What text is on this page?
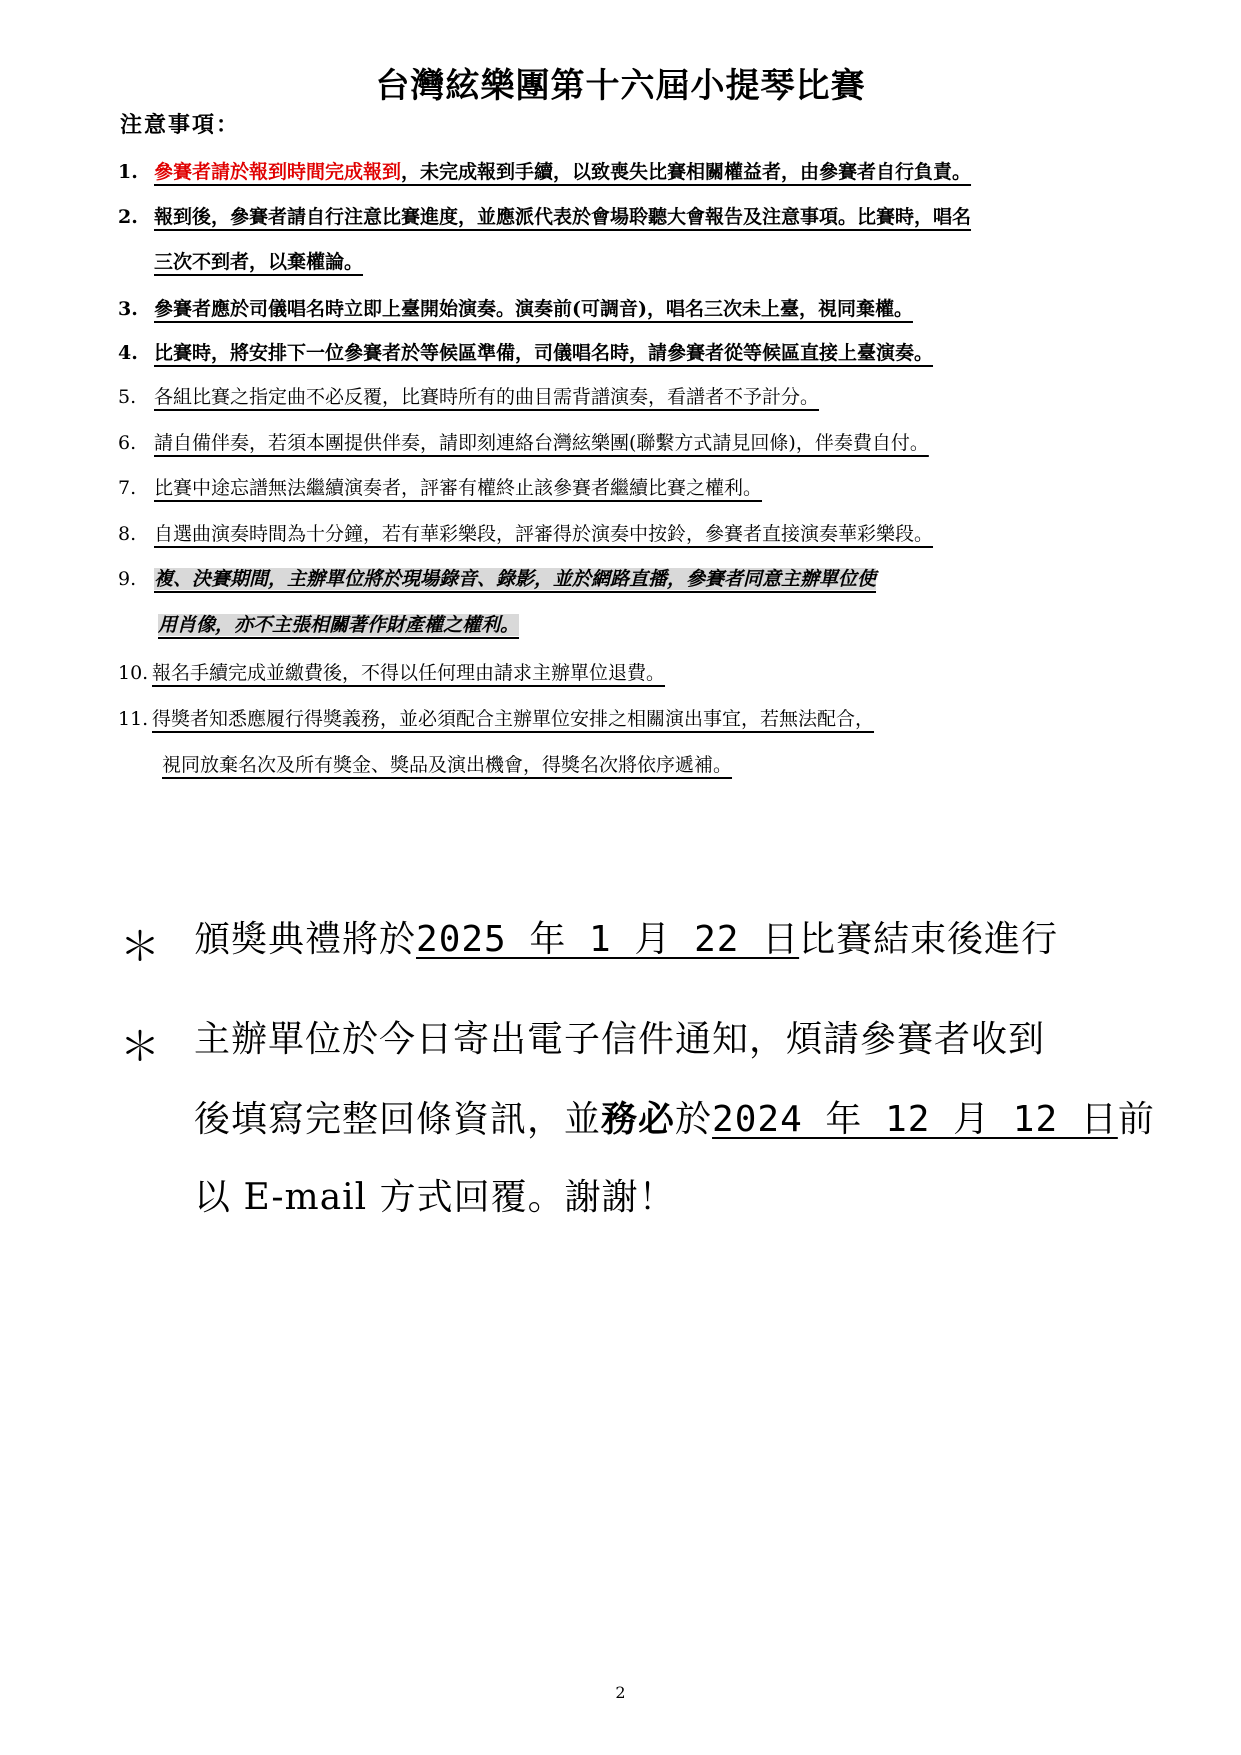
台灣絃樂團第十六屆小提琴比賽
注意事項：
1. 參賽者請於報到時間完成報到，未完成報到手續，以致喪失比賽相關權益者，由參賽者自行負責。
2. 報到後，參賽者請自行注意比賽進度，並應派代表於會場聆聽大會報告及注意事項。比賽時，唱名
三次不到者，以棄權論。
3. 參賽者應於司儀唱名時立即上臺開始演奏。演奏前(可調音)，唱名三次未上臺，視同棄權。
4. 比賽時，將安排下一位參賽者於等候區準備，司儀唱名時，請參賽者從等候區直接上臺演奏。
5. 各組比賽之指定曲不必反覆，比賽時所有的曲目需背譜演奏，看譜者不予計分。
6. 請自備伴奏，若須本團提供伴奏，請即刻連絡台灣絃樂團(聯繫方式請見回條)，伴奏費自付。
7. 比賽中途忘譜無法繼續演奏者，評審有權終止該參賽者繼續比賽之權利。
8. 自選曲演奏時間為十分鐘，若有華彩樂段，評審得於演奏中按鈴，參賽者直接演奏華彩樂段。
9. 複、決賽期間，主辦單位將於現場錄音、錄影，並於網路直播，參賽者同意主辦單位使
用肖像，亦不主張相關著作財產權之權利。
10. 報名手續完成並繳費後，不得以任何理由請求主辦單位退費。
11. 得獎者知悉應履行得獎義務，並必須配合主辦單位安排之相關演出事宜，若無法配合，
視同放棄名次及所有獎金、獎品及演出機會，得獎名次將依序遞補。
＊ 頒獎典禮將於2025 年 1 月 22 日比賽結束後進行
＊ 主辦單位於今日寄出電子信件通知，煩請參賽者收到
後填寫完整回條資訊，並務必於2024 年 12 月 12 日前
以 E-mail 方式回覆。謝謝！
2
